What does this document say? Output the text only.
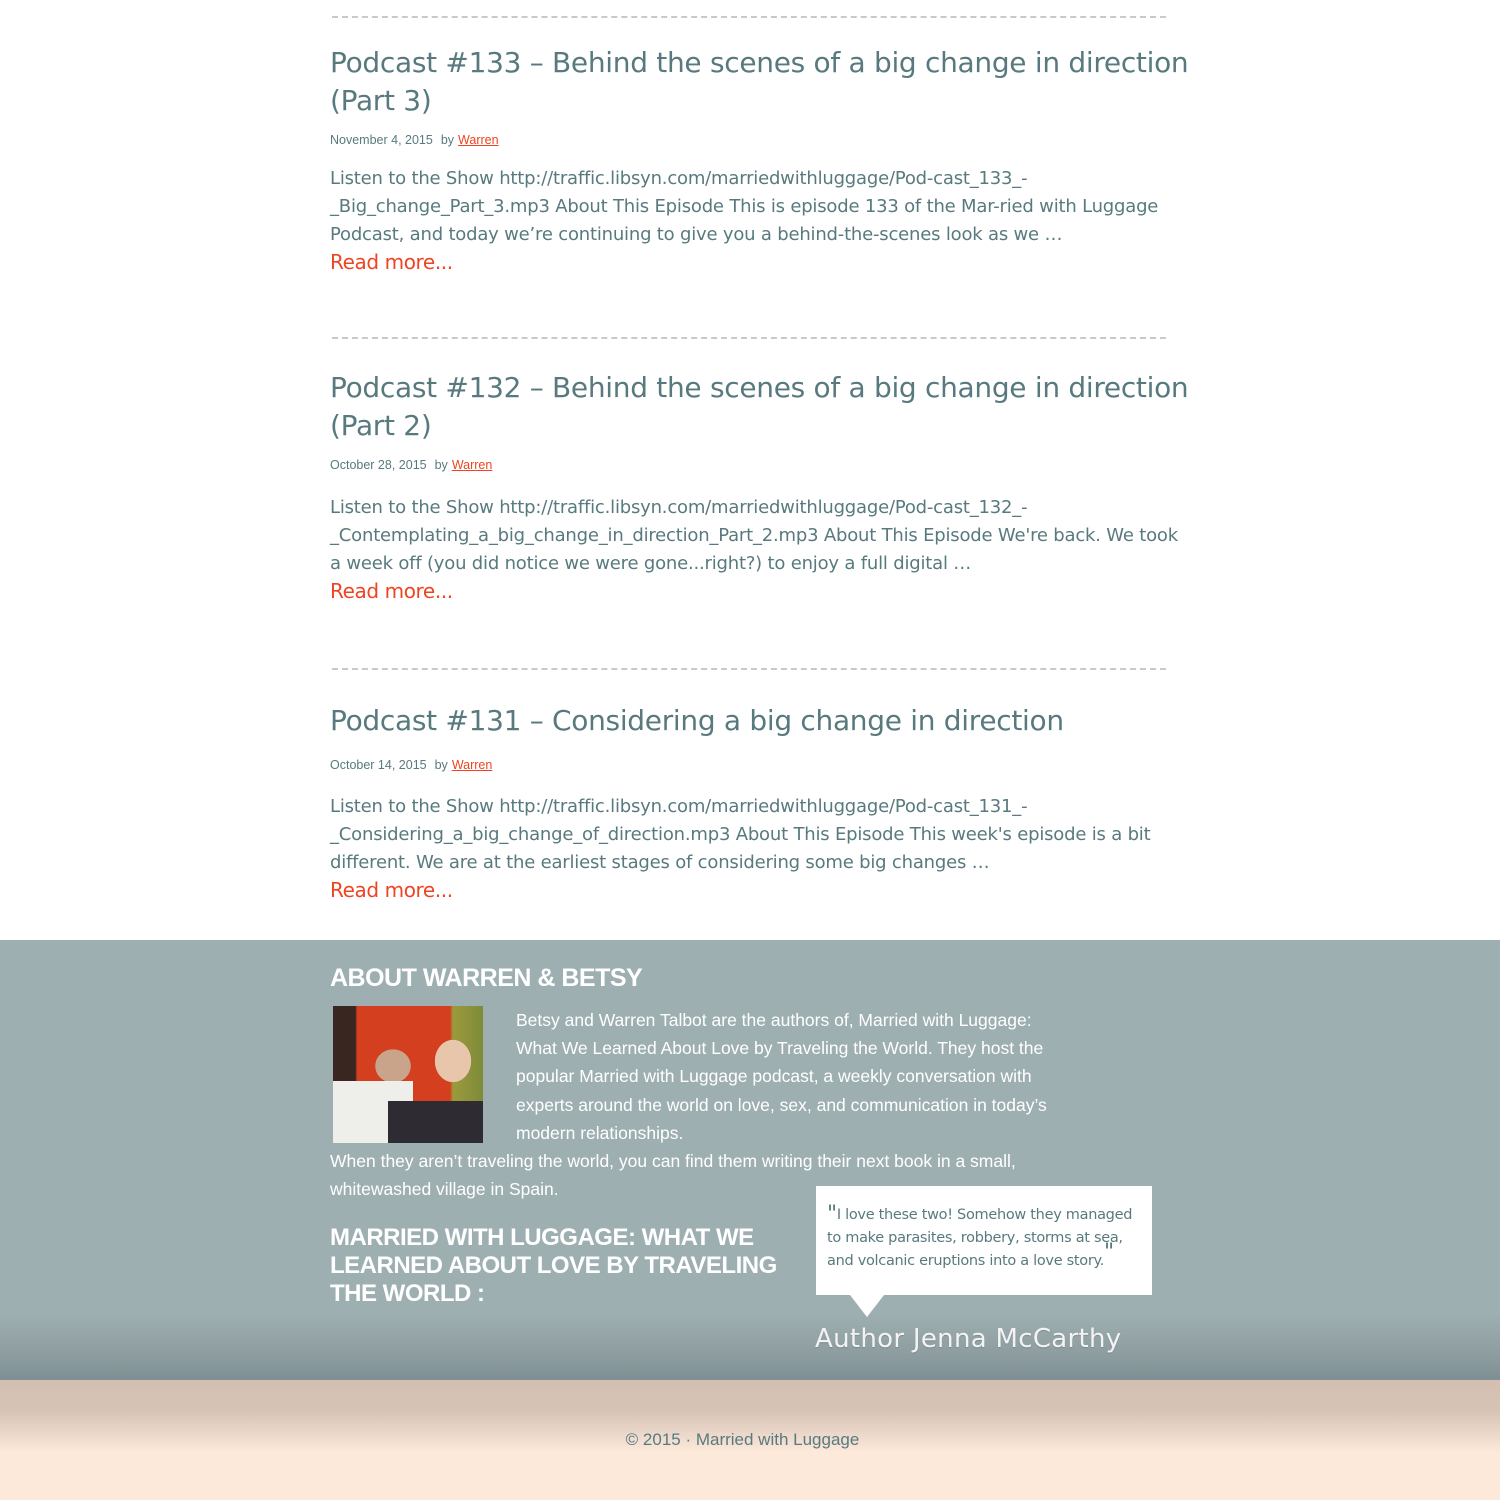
Podcast #133 – Behind the scenes of a big change in direction (Part 3)
November 4, 2015 by Warren

Listen to the Show http://traffic.libsyn.com/marriedwithluggage/Pod-cast_133_-_Big_change_Part_3.mp3 About This Episode This is episode 133 of the Mar-ried with Luggage Podcast, and today we’re continuing to give you a behind-the-scenes look as we …

Read more...
Podcast #132 – Behind the scenes of a big change in direction (Part 2)
October 28, 2015 by Warren

Listen to the Show http://traffic.libsyn.com/marriedwithluggage/Pod-cast_132_-_Contemplating_a_big_change_in_direction_Part_2.mp3 About This Episode We're back. We took a week off (you did notice we were gone...right?) to enjoy a full digital …

Read more...
Podcast #131 – Considering a big change in direction
October 14, 2015 by Warren

Listen to the Show http://traffic.libsyn.com/marriedwithluggage/Pod-cast_131_-_Considering_a_big_change_of_direction.mp3 About This Episode This week's episode is a bit different. We are at the earliest stages of considering some big changes …

Read more...
ABOUT WARREN & BETSY
Betsy and Warren Talbot are the authors of, Married with Luggage: What We Learned About Love by Traveling the World. They host the popular Married with Luggage podcast, a weekly conversation with experts around the world on love, sex, and communication in today’s modern relationships.
When they aren’t traveling the world, you can find them writing their next book in a small, whitewashed village in Spain.
MARRIED WITH LUGGAGE: WHAT WE LEARNED ABOUT LOVE BY TRAVELING THE WORLD :

"I love these two! Somehow they managed to make parasites, robbery, storms at sea, and volcanic eruptions into a love story."

Author Jenna McCarthy
© 2015 · Married with Luggage
